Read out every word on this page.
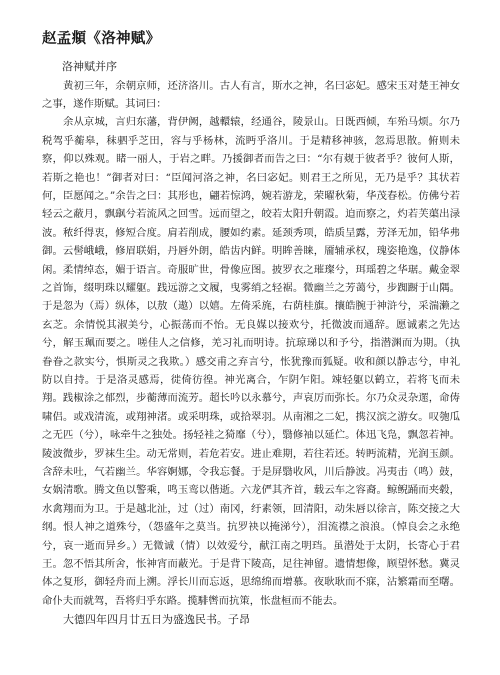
赵孟頫《洛神赋》

洛神赋并序

黄初三年，余朝京师，还济洛川。古人有言，斯水之神，名曰宓妃。感宋玉对楚王神女之事，遂作斯赋。其词曰：

余从京城，言归东藩，背伊阙，越轘辕，经通谷，陵景山。日既西倾，车殆马烦。尔乃税驾乎蘅皋，秣驷乎芝田，容与乎杨林，流眄乎洛川。于是精移神骇，忽焉思散。俯则未察，仰以殊观。睹一丽人，于岩之畔。乃援御者而告之曰：“尔有觌于彼者乎？彼何人斯，若斯之艳也！”御者对曰：“臣闻河洛之神，名曰宓妃。则君王之所见，无乃是乎？其状若何，臣愿闻之。”余告之曰：其形也，翩若惊鸿，婉若游龙，荣曜秋菊，华茂春松。仿佛兮若轻云之蔽月，飘飖兮若流风之回雪。远而望之，皎若太阳升朝霞。迫而察之，灼若芙蕖出渌波。秾纤得衷，修短合度。肩若削成，腰如约素。延颈秀项，皓质呈露，芳泽无加，铅华弗御。云髻峨峨，修眉联娟，丹唇外朗，皓齿内鲜。明眸善睐，靥辅承权，瑰姿艳逸，仪静体闲。柔情绰态，媚于语言。奇服旷世，骨像应图。披罗衣之璀璨兮，珥瑶碧之华琚。戴金翠之首饰，缀明珠以耀躯。践远游之文履，曳雾绡之轻裾。微幽兰之芳蔼兮，步踟蹰于山隅。于是忽为（焉）纵体，以敖（遨）以嬉。左倚采旄，右荫桂旗。攘皓腕于神浒兮，采湍濑之玄芝。余情悦其淑美兮，心振荡而不怡。无良媒以接欢兮，托微波而通辞。愿诚素之先达兮，解玉珮而要之。嗟佳人之信修，羌习礼而明诗。抗琼珶以和予兮，指潜渊而为期。（执眷眷之款实兮，惧斯灵之我欺。）感交甫之弃言兮，怅犹豫而狐疑。收和颜以静志兮，申礼防以自持。于是洛灵感焉，徙倚彷徨。神光离合，乍阴乍阳。竦轻躯以鹤立，若将飞而未翔。践椒涂之郁烈，步蘅薄而流芳。超长吟以永慕兮，声哀厉而弥长。尔乃众灵杂遝，命俦啸侣。或戏清流，或翔神渚。或采明珠，或拾翠羽。从南湘之二妃，携汉滨之游女。叹匏瓜之无匹（兮），咏牵牛之独处。扬轻袿之猗靡（兮），翳修袖以延伫。体迅飞凫，飘忽若神。陵波微步，罗袜生尘。动无常则，若危若安。进止难期，若往若还。转眄流精，光润玉颜。含辞未吐，气若幽兰。华容婀娜，令我忘餐。于是屏翳收风，川后静波。冯夷击（鸣）鼓，女娲清歌。腾文鱼以警乘，鸣玉鸾以偕逝。六龙俨其齐首，载云车之容裔。鲸鲵踊而夹毂，水禽翔而为卫。于是越北沚，过（过）南冈，纡素领，回清阳，动朱唇以徐言，陈交接之大纲。恨人神之道殊兮，（怨盛年之莫当。抗罗袂以掩涕兮），泪流襟之浪浪。（悼良会之永绝兮，哀一逝而异乡。）无微诚（情）以效爱兮，献江南之明珰。虽潜处于太阴，长寄心于君王。忽不悟其所舍，怅神宵而蔽光。于是背下陵高，足往神留。遗情想像，顾望怀愁。冀灵体之复形，御轻舟而上溯。浮长川而忘返，思绵绵而增慕。夜耿耿而不寐，沾繁霜而至曙。命仆夫而就驾，吾将归乎东路。揽騑辔而抗策，怅盘桓而不能去。

大德四年四月廿五日为盛逸民书。子昂
